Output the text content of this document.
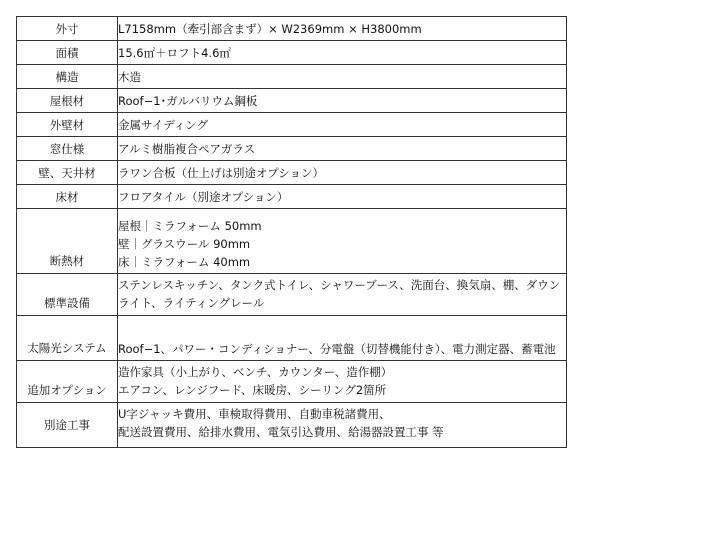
外寸	L7158mm（牽引部含まず）× W2369mm × H3800mm

面積	15.6㎡＋ロフト4.6㎡

構造	木造

屋根材	Roof−1･ガルバリウム鋼板

外壁材	金属サイディング

窓仕様	アルミ樹脂複合ペアガラス

壁、天井材	ラワン合板（仕上げは別途オプション）

床材	フロアタイル（別途オプション）

断熱材	屋根｜ミラフォーム 50mm
壁｜グラスウール 90mm
床｜ミラフォーム 40mm

標準設備	ステンレスキッチン、タンク式トイレ、シャワーブース、洗面台、換気扇、棚、ダウン
ライト、ライティングレール

太陽光システム	Roof−1、パワー・コンディショナー、分電盤（切替機能付き）、電力測定器、蓄電池

追加オプション	造作家具（小上がり、ベンチ、カウンター、造作棚）
エアコン、レンジフード、床暖房、シーリング2箇所

別途工事	U字ジャッキ費用、車検取得費用、自動車税諸費用、
配送設置費用、給排水費用、電気引込費用、給湯器設置工事 等
